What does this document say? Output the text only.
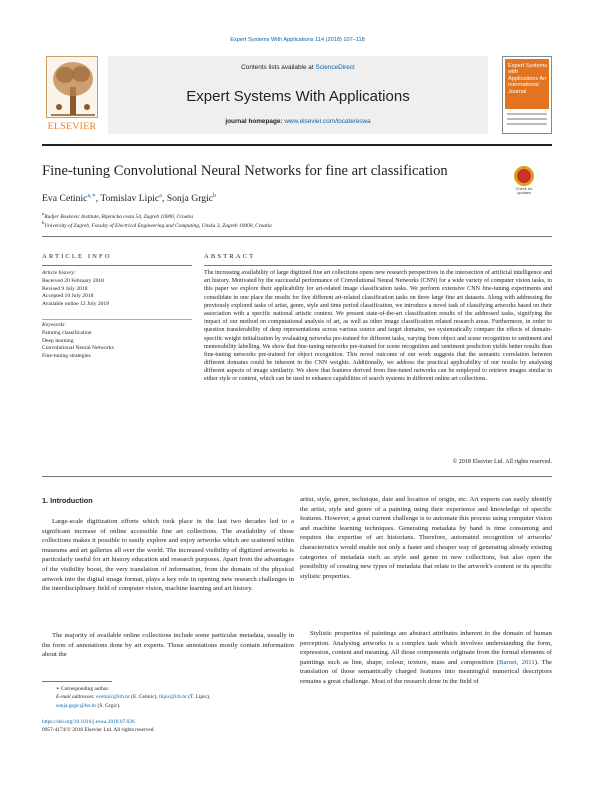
Expert Systems With Applications 114 (2018) 107–118
ELSEVIER
Contents lists available at ScienceDirect
Expert Systems With Applications
journal homepage: www.elsevier.com/locate/eswa
Expert Systems with Applications An International Journal
Fine-tuning Convolutional Neural Networks for fine art classification
Check for updates
Eva Cetinic$^{a,∗}$, Tomislav Lipic$^a$, Sonja Grgic$^b$
$^a$Rudjer Boskovic Institute, Bijenicka cesta 54, Zagreb 10000, Croatia
$^b$University of Zagreb, Faculty of Electrical Engineering and Computing, Unska 3, Zagreb 10000, Croatia
ARTICLE INFO	ABSTRACT
Article history:
Received 20 February 2018
Revised 9 July 2018
Accepted 10 July 2018
Available online 12 July 2018
Keywords:
Painting classification
Deep learning
Convolutional Neural Networks
Fine-tuning strategies
The increasing availability of large digitized fine art collections opens new research perspectives in the intersection of artificial intelligence and art history. Motivated by the successful performance of Convolutional Neural Networks (CNN) for a wide variety of computer vision tasks, in this paper we explore their applicability for art-related image classification tasks. We perform extensive CNN fine-tuning experiments and consolidate in one place the results for five different art-related classification tasks on three large fine art datasets. Along with addressing the previously explored tasks of artist, genre, style and time period classification, we introduce a novel task of classifying artworks based on their association with a specific national artistic context. We present state-of-the-art classification results of the addressed tasks, signifying the impact of our method on computational analysis of art, as well as other image classification related research areas. Furthermore, in order to question transferability of deep representations across various source and target domains, we systematically compare the effects of domain-specific weight initialization by evaluating networks pre-trained for different tasks, varying from object and scene recognition to sentiment and memorability labelling. We show that fine-tuning networks pre-trained for scene recognition and sentiment prediction yields better results than fine-tuning networks pre-trained for object recognition. This novel outcome of our work suggests that the semantic correlation between different domains could be inherent in the CNN weights. Additionally, we address the practical applicability of our results by analysing different aspects of image similarity. We show that features derived from fine-tuned networks can be employed to retrieve images similar in either style or content, which can be used to enhance capabilities of search systems in different online art collections.
© 2018 Elsevier Ltd. All rights reserved.
1. Introduction

Large-scale digitization efforts which took place in the last two decades led to a significant increase of online accessible fine art collections. The availability of those collections makes it possible to easily explore and enjoy artworks which are scattered within museums and art galleries all over the world. The increased visibility of digitized artworks is particularly useful for art history education and research purposes. Apart from the advantages of the visibility boost, the very translation of information, from the domain of the physical artwork into the digital image format, plays a key role in opening new research challenges in the interdisciplinary field of computer vision, machine learning and art history.

The majority of available online collections include some particular metadata, usually in the form of annotations done by art experts. Those annotations mostly contain information about the

artist, style, genre, technique, date and location of origin, etc. Art experts can easily identify the artist, style and genre of a painting using their experience and knowledge of specific features. However, a great current challenge is to automate this process using computer vision and machine learning techniques. Generating metadata by hand is time consuming and requires the expertise of art historians. Therefore, automated recognition of artworks' characteristics would enable not only a faster and cheaper way of generating already existing categories of metadata such as style and genre in new collections, but also open the possibility of creating new types of metadata that relate to the artwork's content or its specific stylistic properties.

Stylistic properties of paintings are abstract attributes inherent to the domain of human perception. Analysing artworks is a complex task which involves understanding the form, expression, content and meaning. All those components originate from the formal elements of paintings such as line, shape, colour, texture, mass and composition (Barnet, 2011). The translation of those semantically charged features into meaningful numerical descriptors remains a great challenge. Most of the research done in the field of

∗ Corresponding author.
E-mail addresses: ecetinic@irb.hr (E. Cetinic), tlipic@irb.hr (T. Lipic),
sonja.grgic@fer.hr (S. Grgic).
https://doi.org/10.1016/j.eswa.2018.07.026
0957-4174/© 2018 Elsevier Ltd. All rights reserved.
